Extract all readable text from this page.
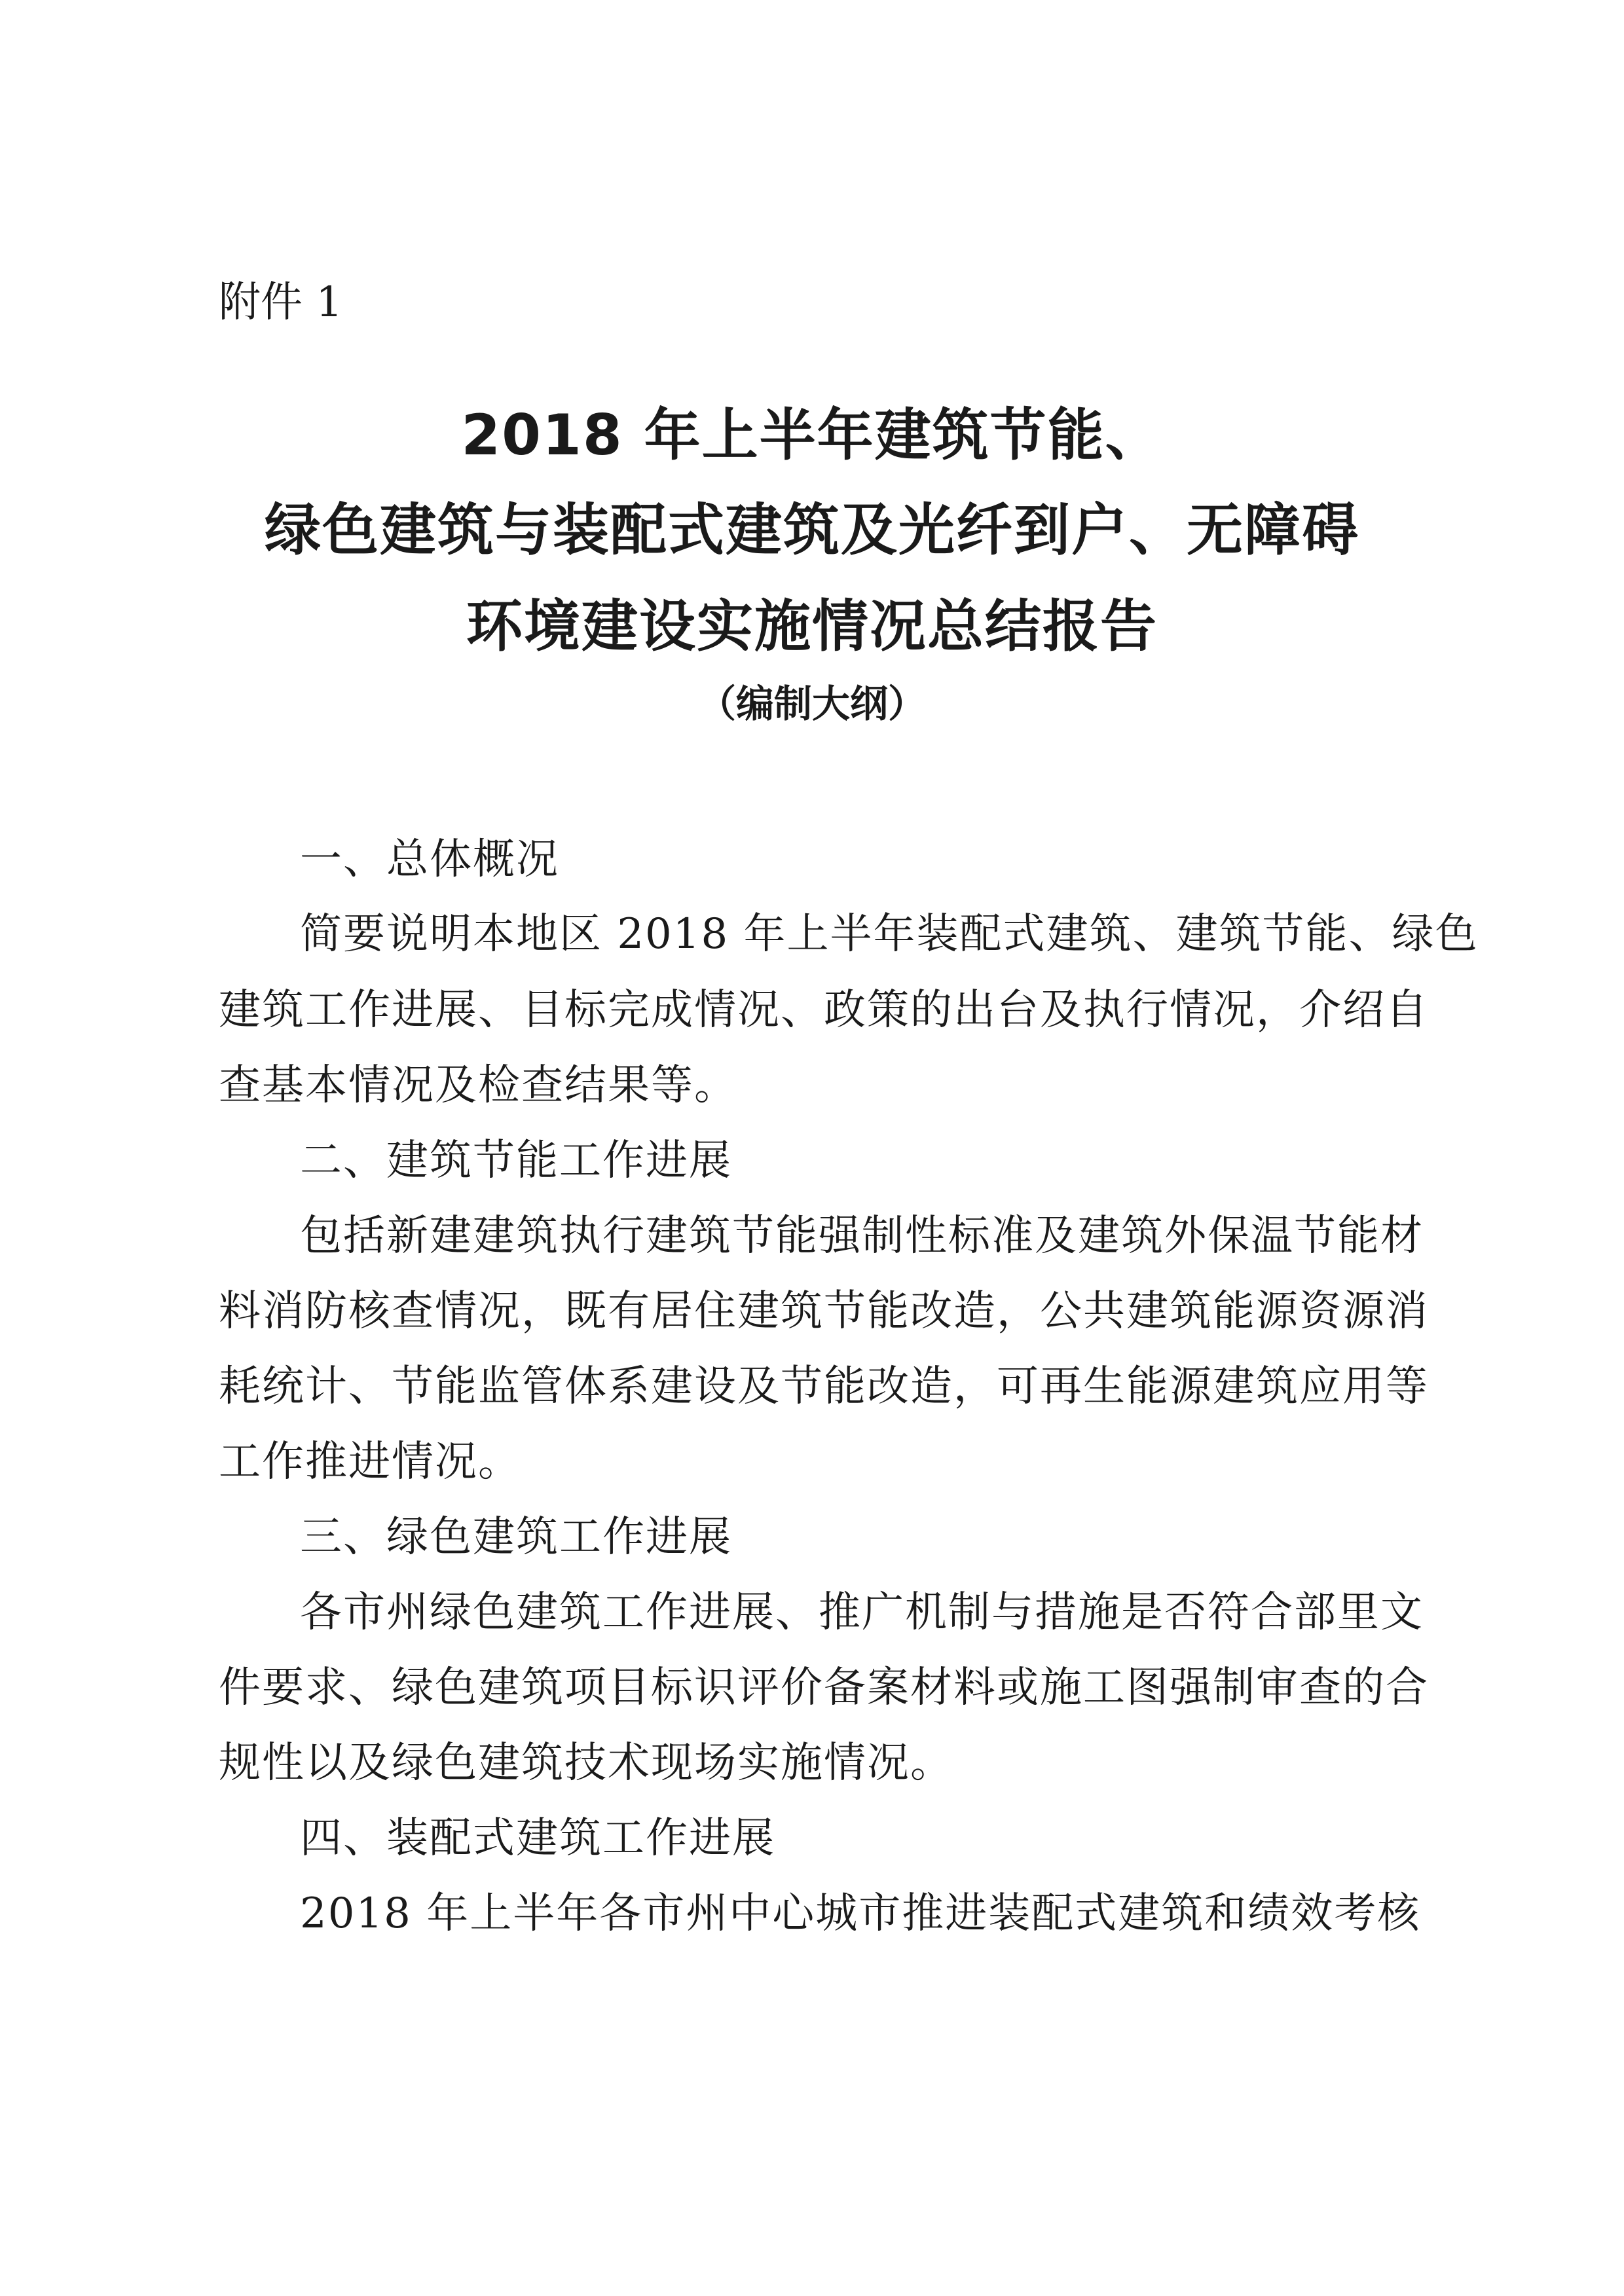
附件 1
2018 年上半年建筑节能、
绿色建筑与装配式建筑及光纤到户、无障碍
环境建设实施情况总结报告
（编制大纲）
一、总体概况
简要说明本地区 2018 年上半年装配式建筑、建筑节能、绿色
建筑工作进展、目标完成情况、政策的出台及执行情况，介绍自
查基本情况及检查结果等。
二、建筑节能工作进展
包括新建建筑执行建筑节能强制性标准及建筑外保温节能材
料消防核查情况，既有居住建筑节能改造，公共建筑能源资源消
耗统计、节能监管体系建设及节能改造，可再生能源建筑应用等
工作推进情况。
三、绿色建筑工作进展
各市州绿色建筑工作进展、推广机制与措施是否符合部里文
件要求、绿色建筑项目标识评价备案材料或施工图强制审查的合
规性以及绿色建筑技术现场实施情况。
四、装配式建筑工作进展
2018 年上半年各市州中心城市推进装配式建筑和绩效考核
